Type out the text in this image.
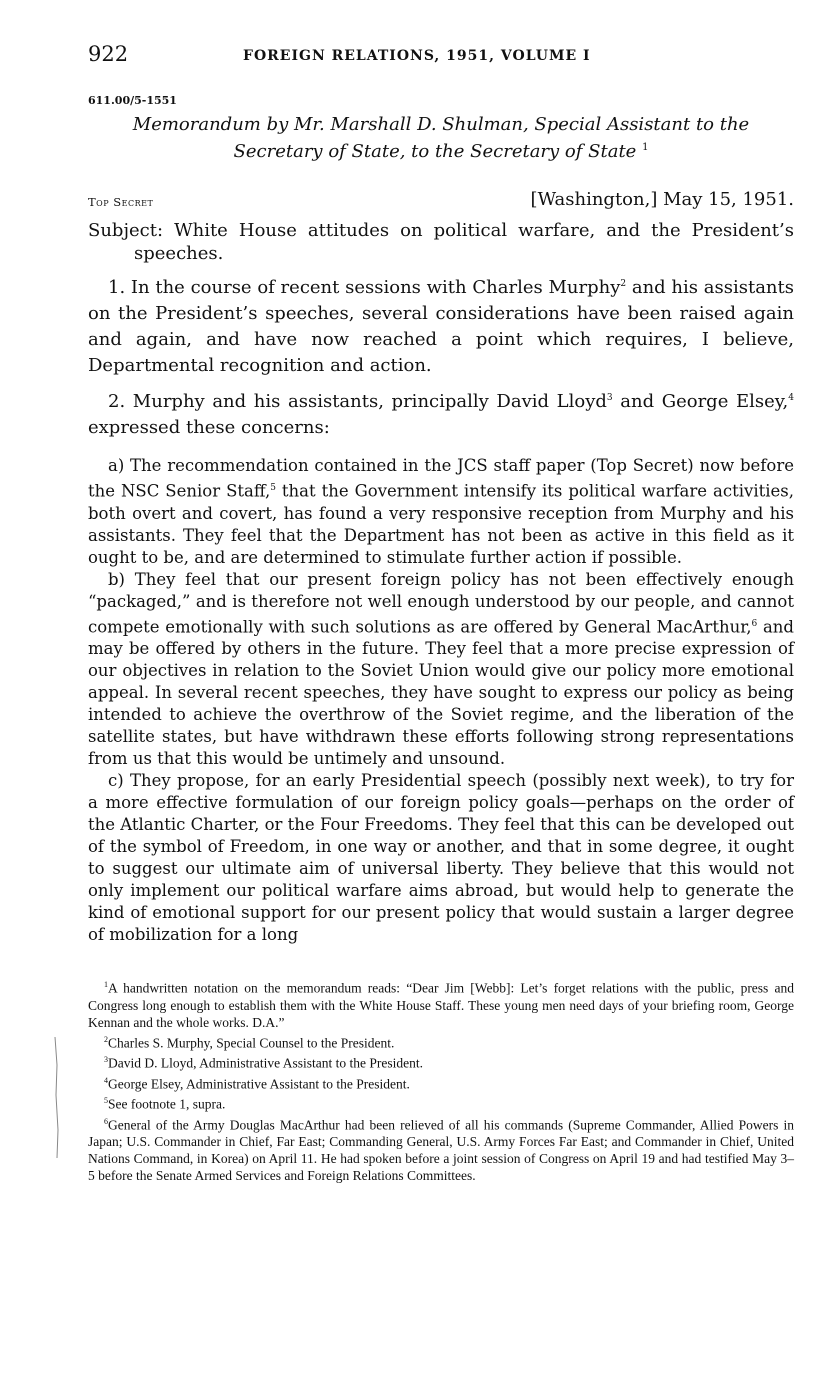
922	FOREIGN RELATIONS, 1951, VOLUME I
611.00/5-1551
Memorandum by Mr. Marshall D. Shulman, Special Assistant to the
Secretary of State, to the Secretary of State $^1$
Top Secret	[Washington,] May 15, 1951.

Subject: White House attitudes on political warfare, and the President’s speeches.

1. In the course of recent sessions with Charles Murphy$^2$ and his assistants on the President’s speeches, several considerations have been raised again and again, and have now reached a point which requires, I believe, Departmental recognition and action.

2. Murphy and his assistants, principally David Lloyd$^3$ and George Elsey,$^4$ expressed these concerns:

a) The recommendation contained in the JCS staff paper (Top Secret) now before the NSC Senior Staff,$^5$ that the Government intensify its political warfare activities, both overt and covert, has found a very responsive reception from Murphy and his assistants. They feel that the Department has not been as active in this field as it ought to be, and are determined to stimulate further action if possible.

b) They feel that our present foreign policy has not been effectively enough “packaged,” and is therefore not well enough understood by our people, and cannot compete emotionally with such solutions as are offered by General MacArthur,$^6$ and may be offered by others in the future. They feel that a more precise expression of our objectives in relation to the Soviet Union would give our policy more emotional appeal. In several recent speeches, they have sought to express our policy as being intended to achieve the overthrow of the Soviet regime, and the liberation of the satellite states, but have withdrawn these efforts following strong representations from us that this would be untimely and unsound.

c) They propose, for an early Presidential speech (possibly next week), to try for a more effective formulation of our foreign policy goals—perhaps on the order of the Atlantic Charter, or the Four Freedoms. They feel that this can be developed out of the symbol of Freedom, in one way or another, and that in some degree, it ought to suggest our ultimate aim of universal liberty. They believe that this would not only implement our political warfare aims abroad, but would help to generate the kind of emotional support for our present policy that would sustain a larger degree of mobilization for a long

$^1$A handwritten notation on the memorandum reads: “Dear Jim [Webb]: Let’s forget relations with the public, press and Congress long enough to establish them with the White House Staff. These young men need days of your briefing room, George Kennan and the whole works. D.A.”

$^2$Charles S. Murphy, Special Counsel to the President.

$^3$David D. Lloyd, Administrative Assistant to the President.

$^4$George Elsey, Administrative Assistant to the President.

$^5$See footnote 1, supra.

$^6$General of the Army Douglas MacArthur had been relieved of all his commands (Supreme Commander, Allied Powers in Japan; U.S. Commander in Chief, Far East; Commanding General, U.S. Army Forces Far East; and Commander in Chief, United Nations Command, in Korea) on April 11. He had spoken before a joint session of Congress on April 19 and had testified May 3–5 before the Senate Armed Services and Foreign Relations Committees.
